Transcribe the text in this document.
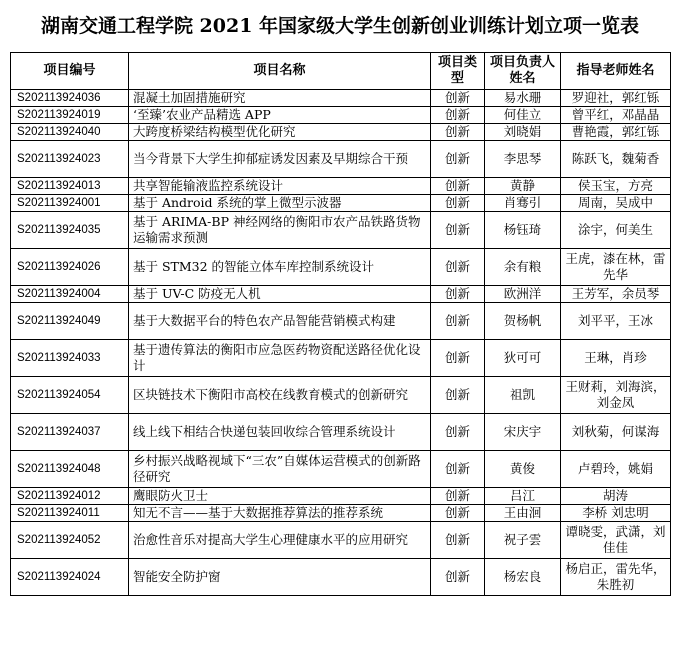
湖南交通工程学院 2021 年国家级大学生创新创业训练计划立项一览表
项目编号	项目名称	项目类型	项目负责人姓名	指导老师姓名
S202113924036	混凝土加固措施研究	创新	易水珊	罗迎社，郭红铄
S202113924019	‘至臻’农业产品精选 APP	创新	何佳立	曾平红，邓晶晶
S202113924040	大跨度桥梁结构模型优化研究	创新	刘晓娟	曹艳霞，郭红铄
S202113924023	当今背景下大学生抑郁症诱发因素及早期综合干预	创新	李思琴	陈跃飞，魏菊香
S202113924013	共享智能输液监控系统设计	创新	黄静	侯玉宝，方亮
S202113924001	基于 Android 系统的掌上微型示波器	创新	肖骞引	周南，吴成中
S202113924035	基于 ARIMA-BP 神经网络的衡阳市农产品铁路货物运输需求预测	创新	杨钰琦	涂宇，何美生
S202113924026	基于 STM32 的智能立体车库控制系统设计	创新	余有粮	王虎，漆在林，雷先华
S202113924004	基于 UV-C 防疫无人机	创新	欧洲洋	王芳军，余员琴
S202113924049	基于大数据平台的特色农产品智能营销模式构建	创新	贺杨帆	刘平平，王冰
S202113924033	基于遗传算法的衡阳市应急医药物资配送路径优化设计	创新	狄可可	王琳，肖珍
S202113924054	区块链技术下衡阳市高校在线教育模式的创新研究	创新	祖凯	王财莉，刘海滨，刘金凤
S202113924037	线上线下相结合快递包装回收综合管理系统设计	创新	宋庆宇	刘秋菊，何谋海
S202113924048	乡村振兴战略视域下“三农”自媒体运营模式的创新路径研究	创新	黄俊	卢碧玲，姚娟
S202113924012	鹰眼防火卫士	创新	吕江	胡涛
S202113924011	知无不言——基于大数据推荐算法的推荐系统	创新	王由洄	李桥 刘忠明
S202113924052	治愈性音乐对提高大学生心理健康水平的应用研究	创新	祝子雲	谭晓雯，武潇，刘佳佳
S202113924024	智能安全防护窗	创新	杨宏良	杨启正，雷先华，朱胜初
